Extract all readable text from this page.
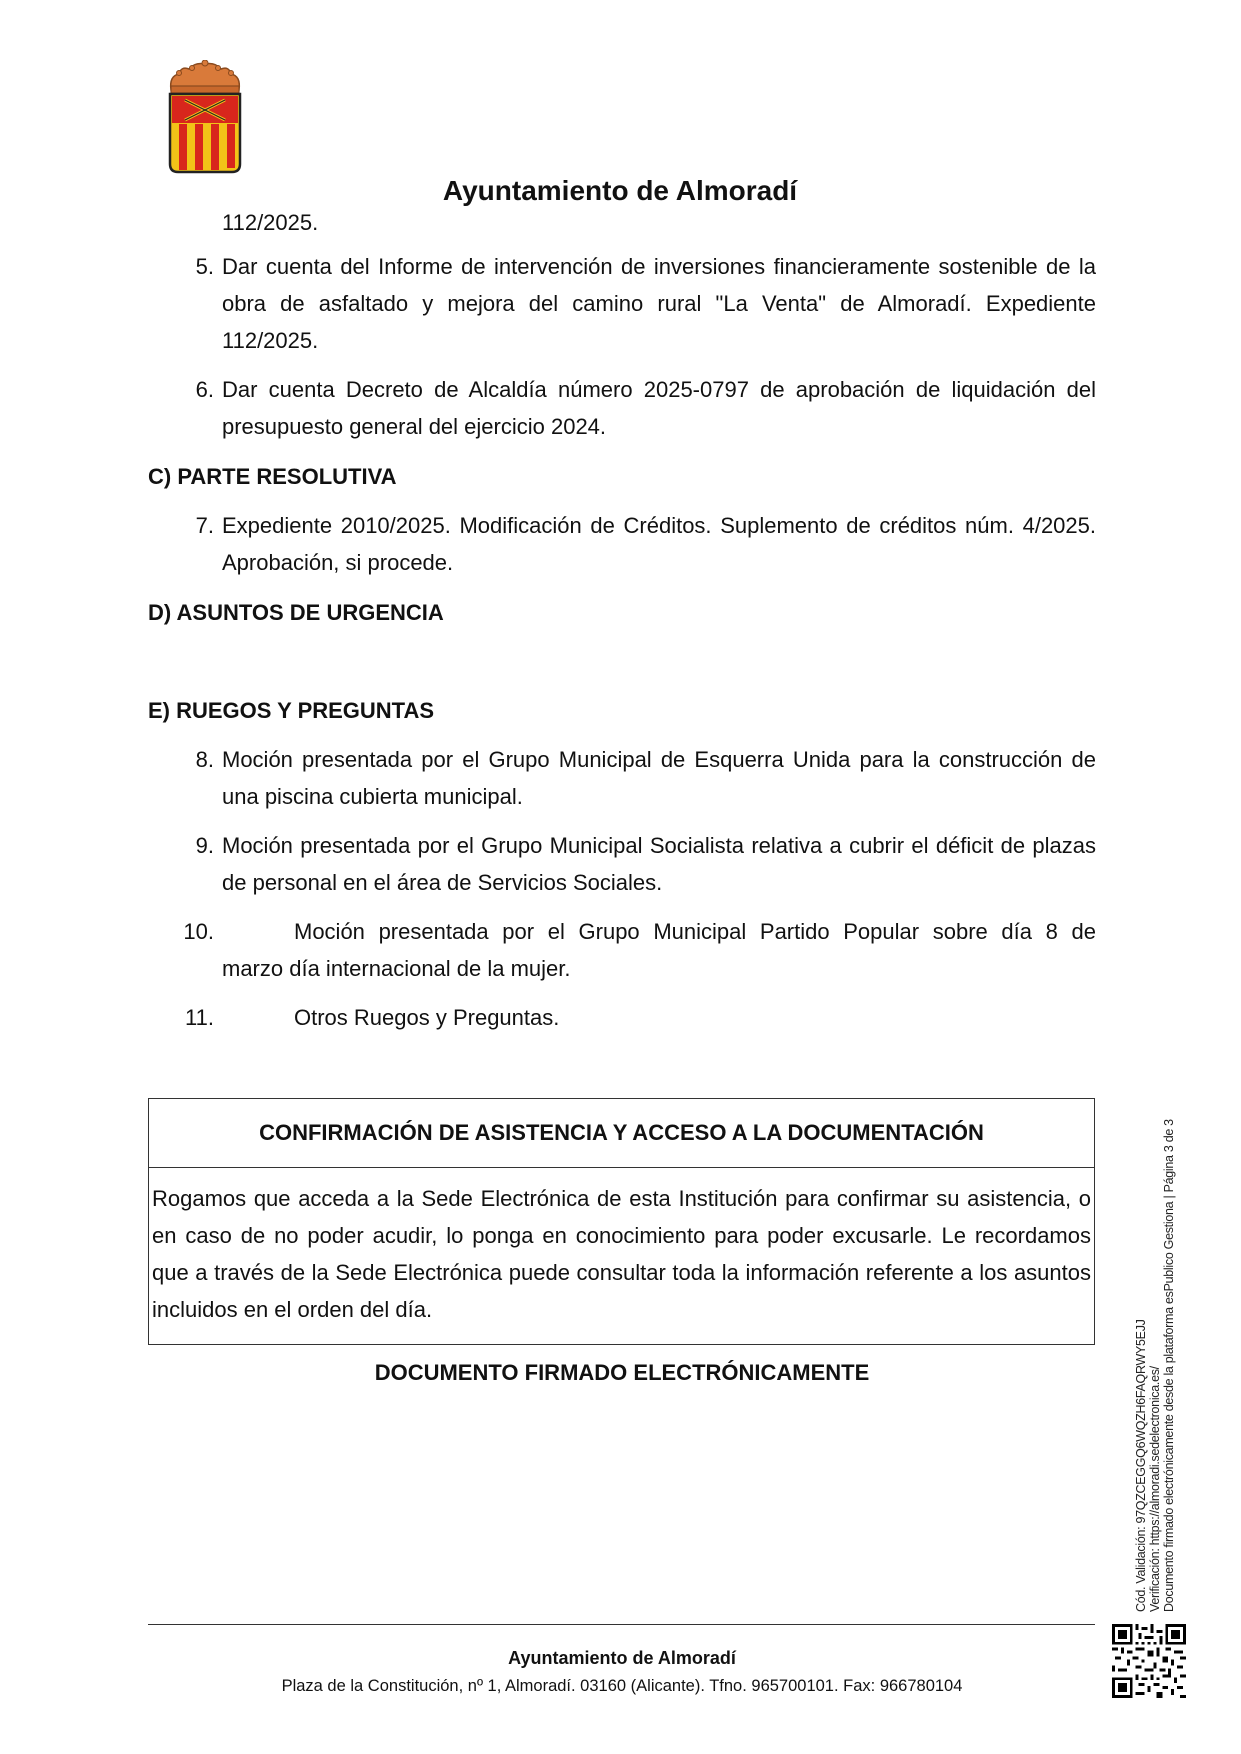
Ayuntamiento de Almoradí
112/2025.
5. Dar cuenta del Informe de intervención de inversiones financieramente sostenible de la obra de asfaltado y mejora del camino rural "La Venta" de Almoradí. Expediente 112/2025.
6. Dar cuenta Decreto de Alcaldía número 2025-0797 de aprobación de liquidación del presupuesto general del ejercicio 2024.
C) PARTE RESOLUTIVA
7. Expediente 2010/2025. Modificación de Créditos. Suplemento de créditos núm. 4/2025. Aprobación, si procede.
D) ASUNTOS DE URGENCIA
E) RUEGOS Y PREGUNTAS
8. Moción presentada por el Grupo Municipal de Esquerra Unida para la construcción de una piscina cubierta municipal.
9. Moción presentada por el Grupo Municipal Socialista relativa a cubrir el déficit de plazas de personal en el área de Servicios Sociales.
10.	Moción presentada por el Grupo Municipal Partido Popular sobre día 8 de
marzo día internacional de la mujer.
11.	Otros Ruegos y Preguntas.
CONFIRMACIÓN DE ASISTENCIA Y ACCESO A LA DOCUMENTACIÓN
Rogamos que acceda a la Sede Electrónica de esta Institución para confirmar su asistencia, o en caso de no poder acudir, lo ponga en conocimiento para poder excusarle. Le recordamos que a través de la Sede Electrónica puede consultar toda la información referente a los asuntos incluidos en el orden del día.
DOCUMENTO FIRMADO ELECTRÓNICAMENTE
Ayuntamiento de Almoradí
Plaza de la Constitución, nº 1, Almoradí. 03160 (Alicante). Tfno. 965700101. Fax: 966780104
Cód. Validación: 97QZCEGGQ6WQZH6FAQRWY5EJJ Verificación: https://almoradi.sedelectronica.es/ Documento firmado electrónicamente desde la plataforma esPublico Gestiona | Página 3 de 3
